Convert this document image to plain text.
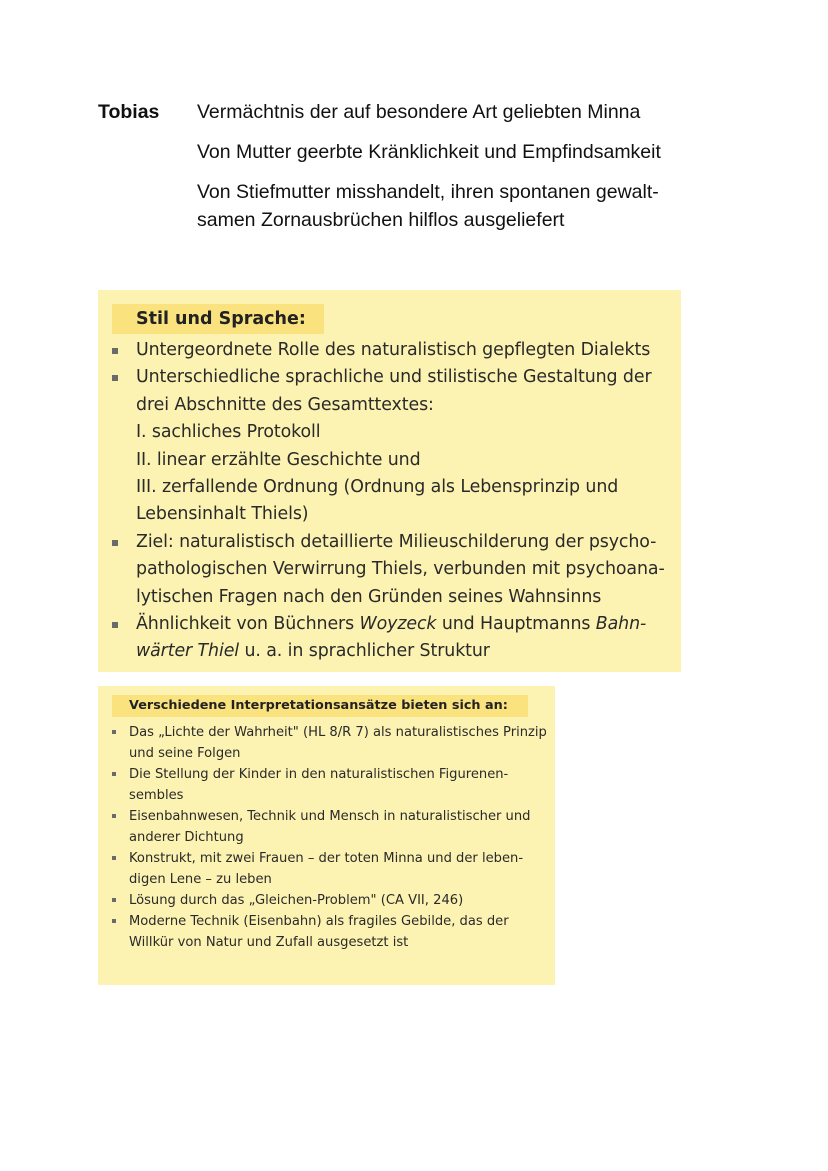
Tobias	Vermächtnis der auf besondere Art geliebten Minna
Von Mutter geerbte Kränklichkeit und Empfindsamkeit
Von Stiefmutter misshandelt, ihren spontanen gewalt-samen Zornausbrüchen hilflos ausgeliefert
Stil und Sprache:
Untergeordnete Rolle des naturalistisch gepflegten Dialekts
Unterschiedliche sprachliche und stilistische Gestaltung der drei Abschnitte des Gesamttextes:
I. sachliches Protokoll
II. linear erzählte Geschichte und
III. zerfallende Ordnung (Ordnung als Lebensprinzip und Lebensinhalt Thiels)
Ziel: naturalistisch detaillierte Milieuschilderung der psycho-pathologischen Verwirrung Thiels, verbunden mit psychoana-lytischen Fragen nach den Gründen seines Wahnsinns
Ähnlichkeit von Büchners Woyzeck und Hauptmanns Bahn-wärter Thiel u. a. in sprachlicher Struktur
Verschiedene Interpretationsansätze bieten sich an:
Das „Lichte der Wahrheit" (HL 8/R 7) als naturalistisches Prinzip und seine Folgen
Die Stellung der Kinder in den naturalistischen Figurenen-sembles
Eisenbahnwesen, Technik und Mensch in naturalistischer und anderer Dichtung
Konstrukt, mit zwei Frauen – der toten Minna und der leben-digen Lene – zu leben
Lösung durch das „Gleichen-Problem" (CA VII, 246)
Moderne Technik (Eisenbahn) als fragiles Gebilde, das der Willkür von Natur und Zufall ausgesetzt ist
